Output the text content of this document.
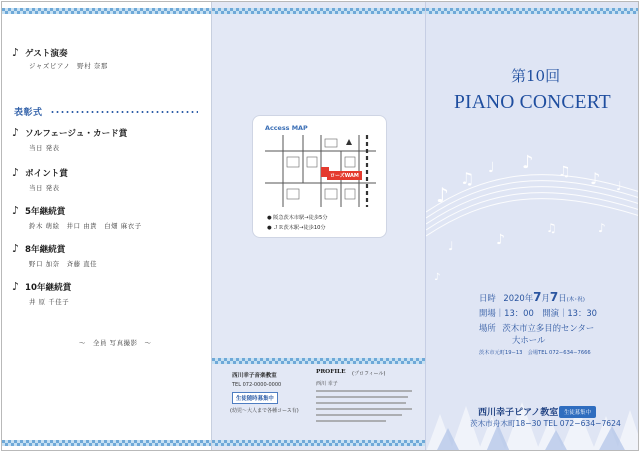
♪ ゲスト演奏
ジャズピアノ　野村 奈那
表彰式
♪ ソルフェージュ・カード賞
当日 発表
♪ ポイント賞
当日 発表
♪ 5年継続賞
鈴木 萌絵　井口 由貴　白畑 麻衣子
♪ 8年継続賞
野口 加奈　斉藤 直佳
♪ 10年継続賞
井 原 千佳子
〜　全員 写真撮影　〜
Access MAP
ローズWAM
● 阪急茨木市駅→徒歩5分
● ＪＲ茨木駅→徒歩10分
西川幸子音楽教室
TEL 072-0000-0000
生徒随時募集中
(幼児〜大人まで各種コース有)
PROFILE (プロフィール)
西川 幸子
第10回
PIANO CONCERT
♪
♫
♩ ♪ ♫ ♪ ♩
♩	♪
♫	♪
♪
日時 2020年7月7日(木･祝)
開場｜13：00　開演｜13：30
場所 茨木市立多目的センター
大ホール
茨木市元町19−13　会場TEL 072−634−7666
西川幸子ピアノ教室	生徒募集中
茨木市舟木町18−30 TEL 072−634−7624
